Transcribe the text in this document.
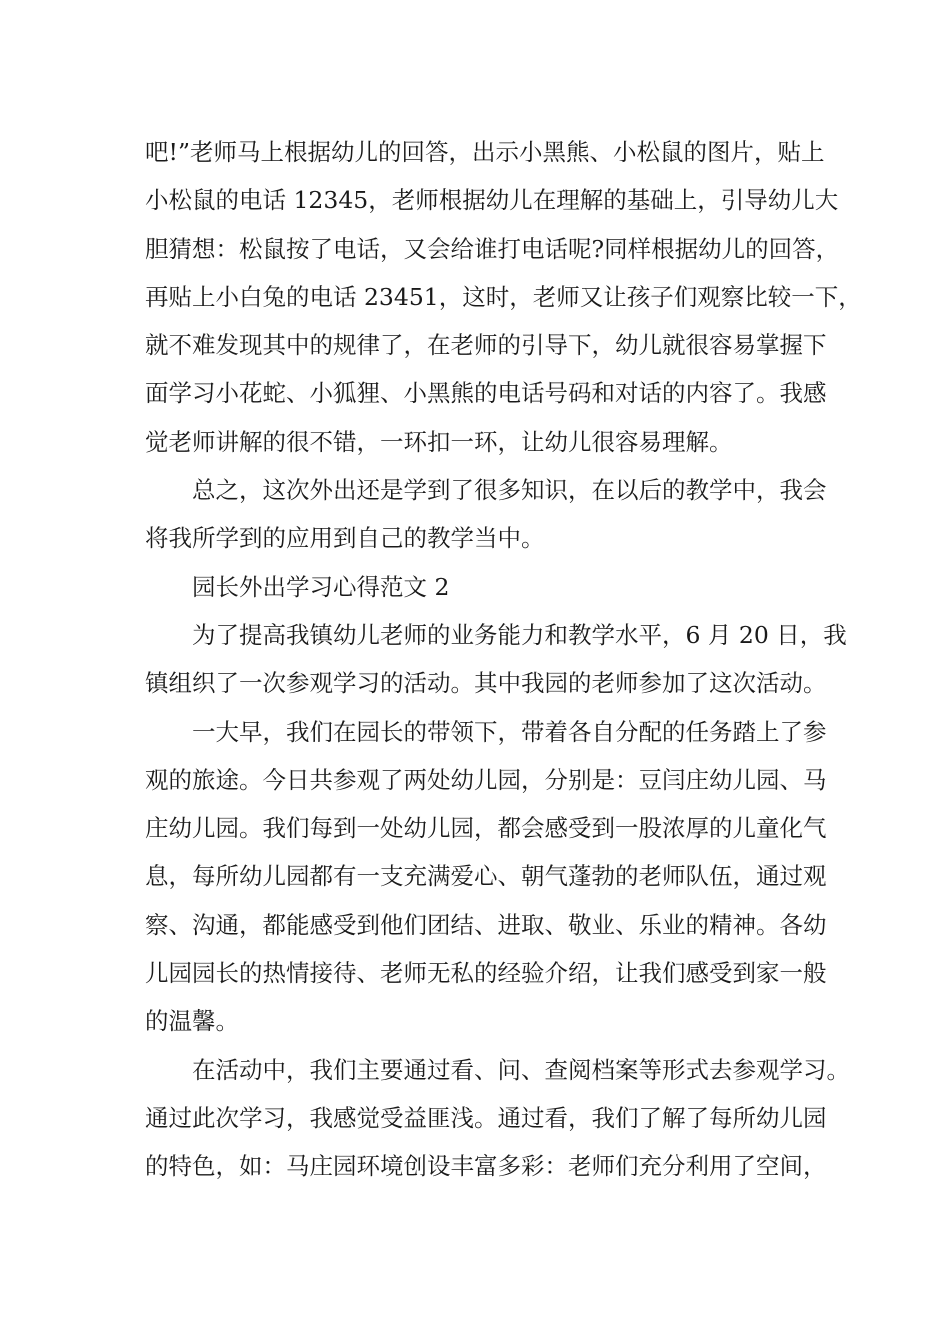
吧!”老师马上根据幼儿的回答，出示小黑熊、小松鼠的图片，贴上
小松鼠的电话 12345，老师根据幼儿在理解的基础上，引导幼儿大
胆猜想：松鼠按了电话，又会给谁打电话呢?同样根据幼儿的回答，
再贴上小白兔的电话 23451，这时，老师又让孩子们观察比较一下，
就不难发现其中的规律了，在老师的引导下，幼儿就很容易掌握下
面学习小花蛇、小狐狸、小黑熊的电话号码和对话的内容了。我感
觉老师讲解的很不错，一环扣一环，让幼儿很容易理解。
总之，这次外出还是学到了很多知识，在以后的教学中，我会
将我所学到的应用到自己的教学当中。
园长外出学习心得范文 2
为了提高我镇幼儿老师的业务能力和教学水平，6 月 20 日，我
镇组织了一次参观学习的活动。其中我园的老师参加了这次活动。
一大早，我们在园长的带领下，带着各自分配的任务踏上了参
观的旅途。今日共参观了两处幼儿园，分别是：豆闫庄幼儿园、马
庄幼儿园。我们每到一处幼儿园，都会感受到一股浓厚的儿童化气
息，每所幼儿园都有一支充满爱心、朝气蓬勃的老师队伍，通过观
察、沟通，都能感受到他们团结、进取、敬业、乐业的精神。各幼
儿园园长的热情接待、老师无私的经验介绍，让我们感受到家一般
的温馨。
在活动中，我们主要通过看、问、查阅档案等形式去参观学习。
通过此次学习，我感觉受益匪浅。通过看，我们了解了每所幼儿园
的特色，如：马庄园环境创设丰富多彩：老师们充分利用了空间，
